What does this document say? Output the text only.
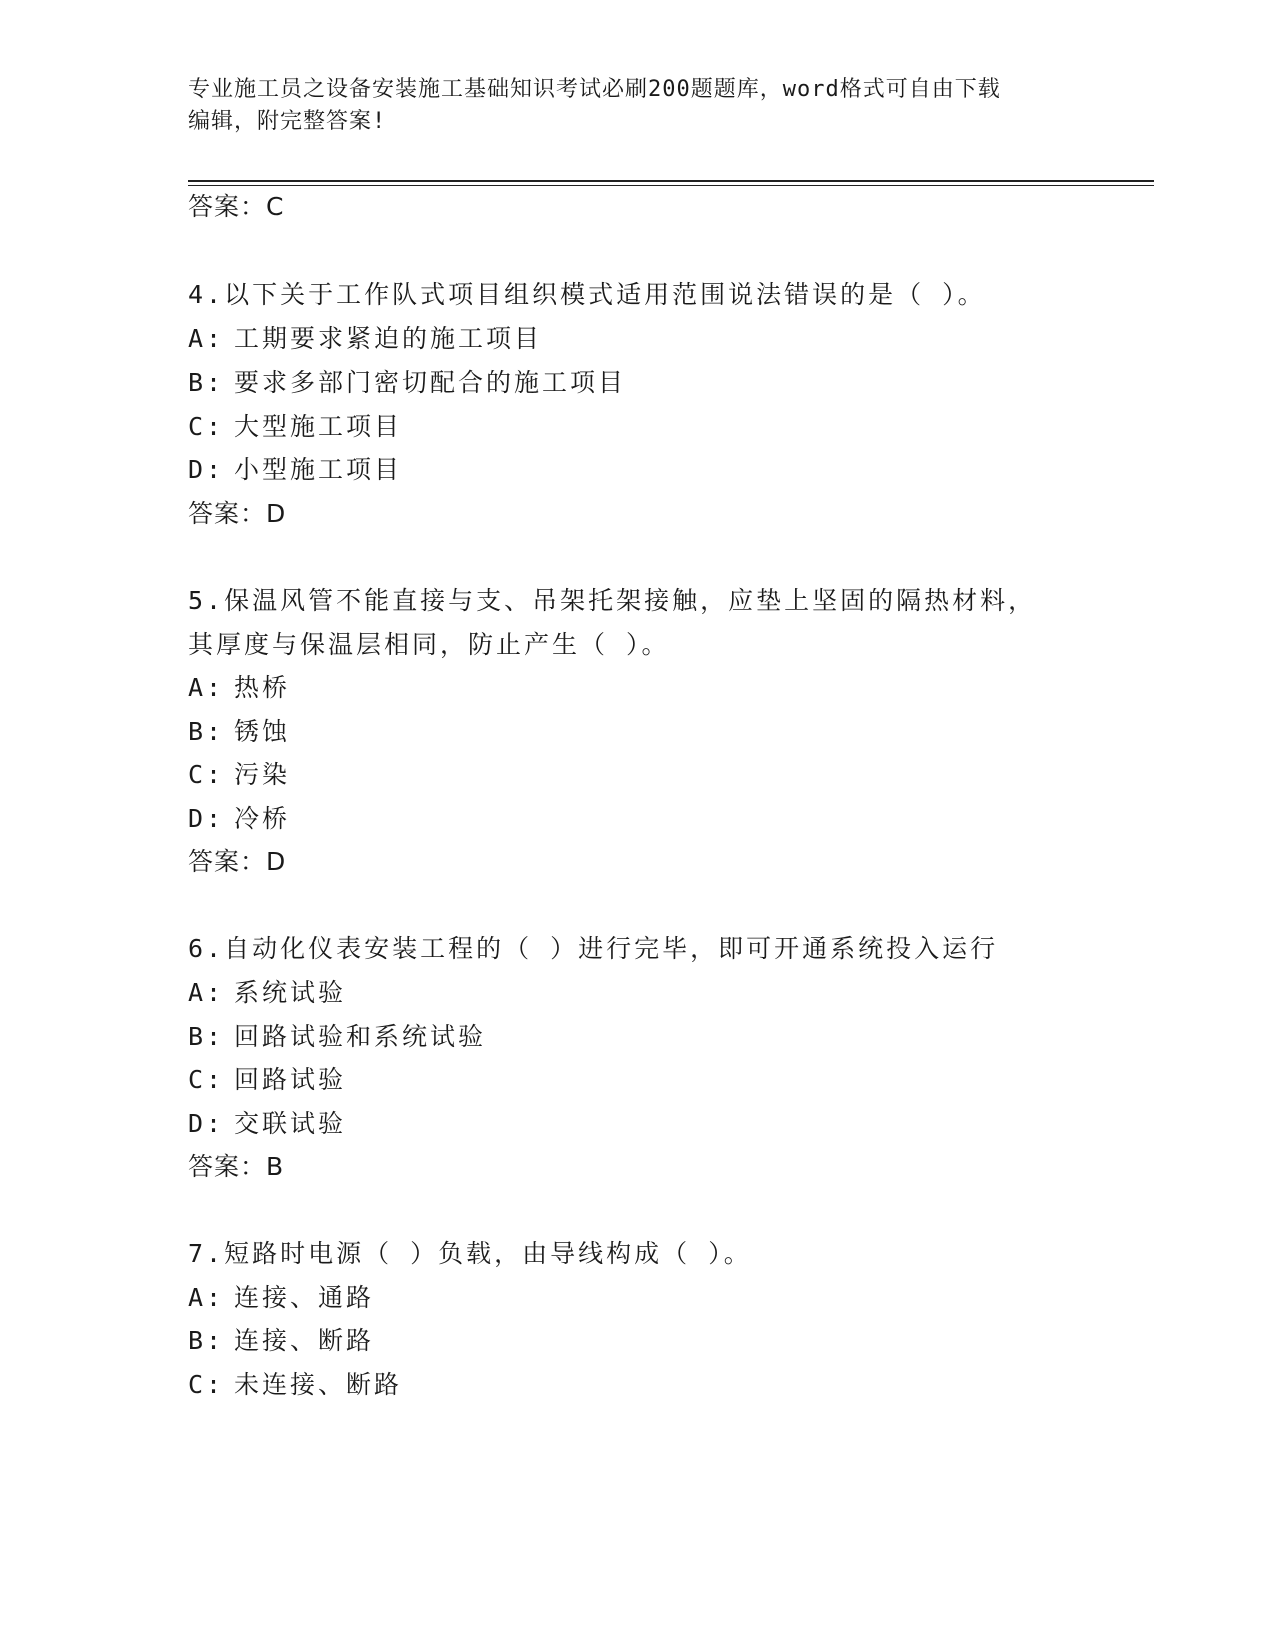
专业施工员之设备安装施工基础知识考试必刷200题题库，word格式可自由下载
编辑，附完整答案!
答案：C
4.以下关于工作队式项目组织模式适用范围说法错误的是（ ）。
A: 工期要求紧迫的施工项目
B: 要求多部门密切配合的施工项目
C: 大型施工项目
D: 小型施工项目
答案：D
5.保温风管不能直接与支、吊架托架接触，应垫上坚固的隔热材料，
其厚度与保温层相同，防止产生（ ）。
A: 热桥
B: 锈蚀
C: 污染
D: 冷桥
答案：D
6.自动化仪表安装工程的（ ）进行完毕，即可开通系统投入运行
A: 系统试验
B: 回路试验和系统试验
C: 回路试验
D: 交联试验
答案：B
7.短路时电源（ ）负载，由导线构成（ ）。
A: 连接、通路
B: 连接、断路
C: 未连接、断路
